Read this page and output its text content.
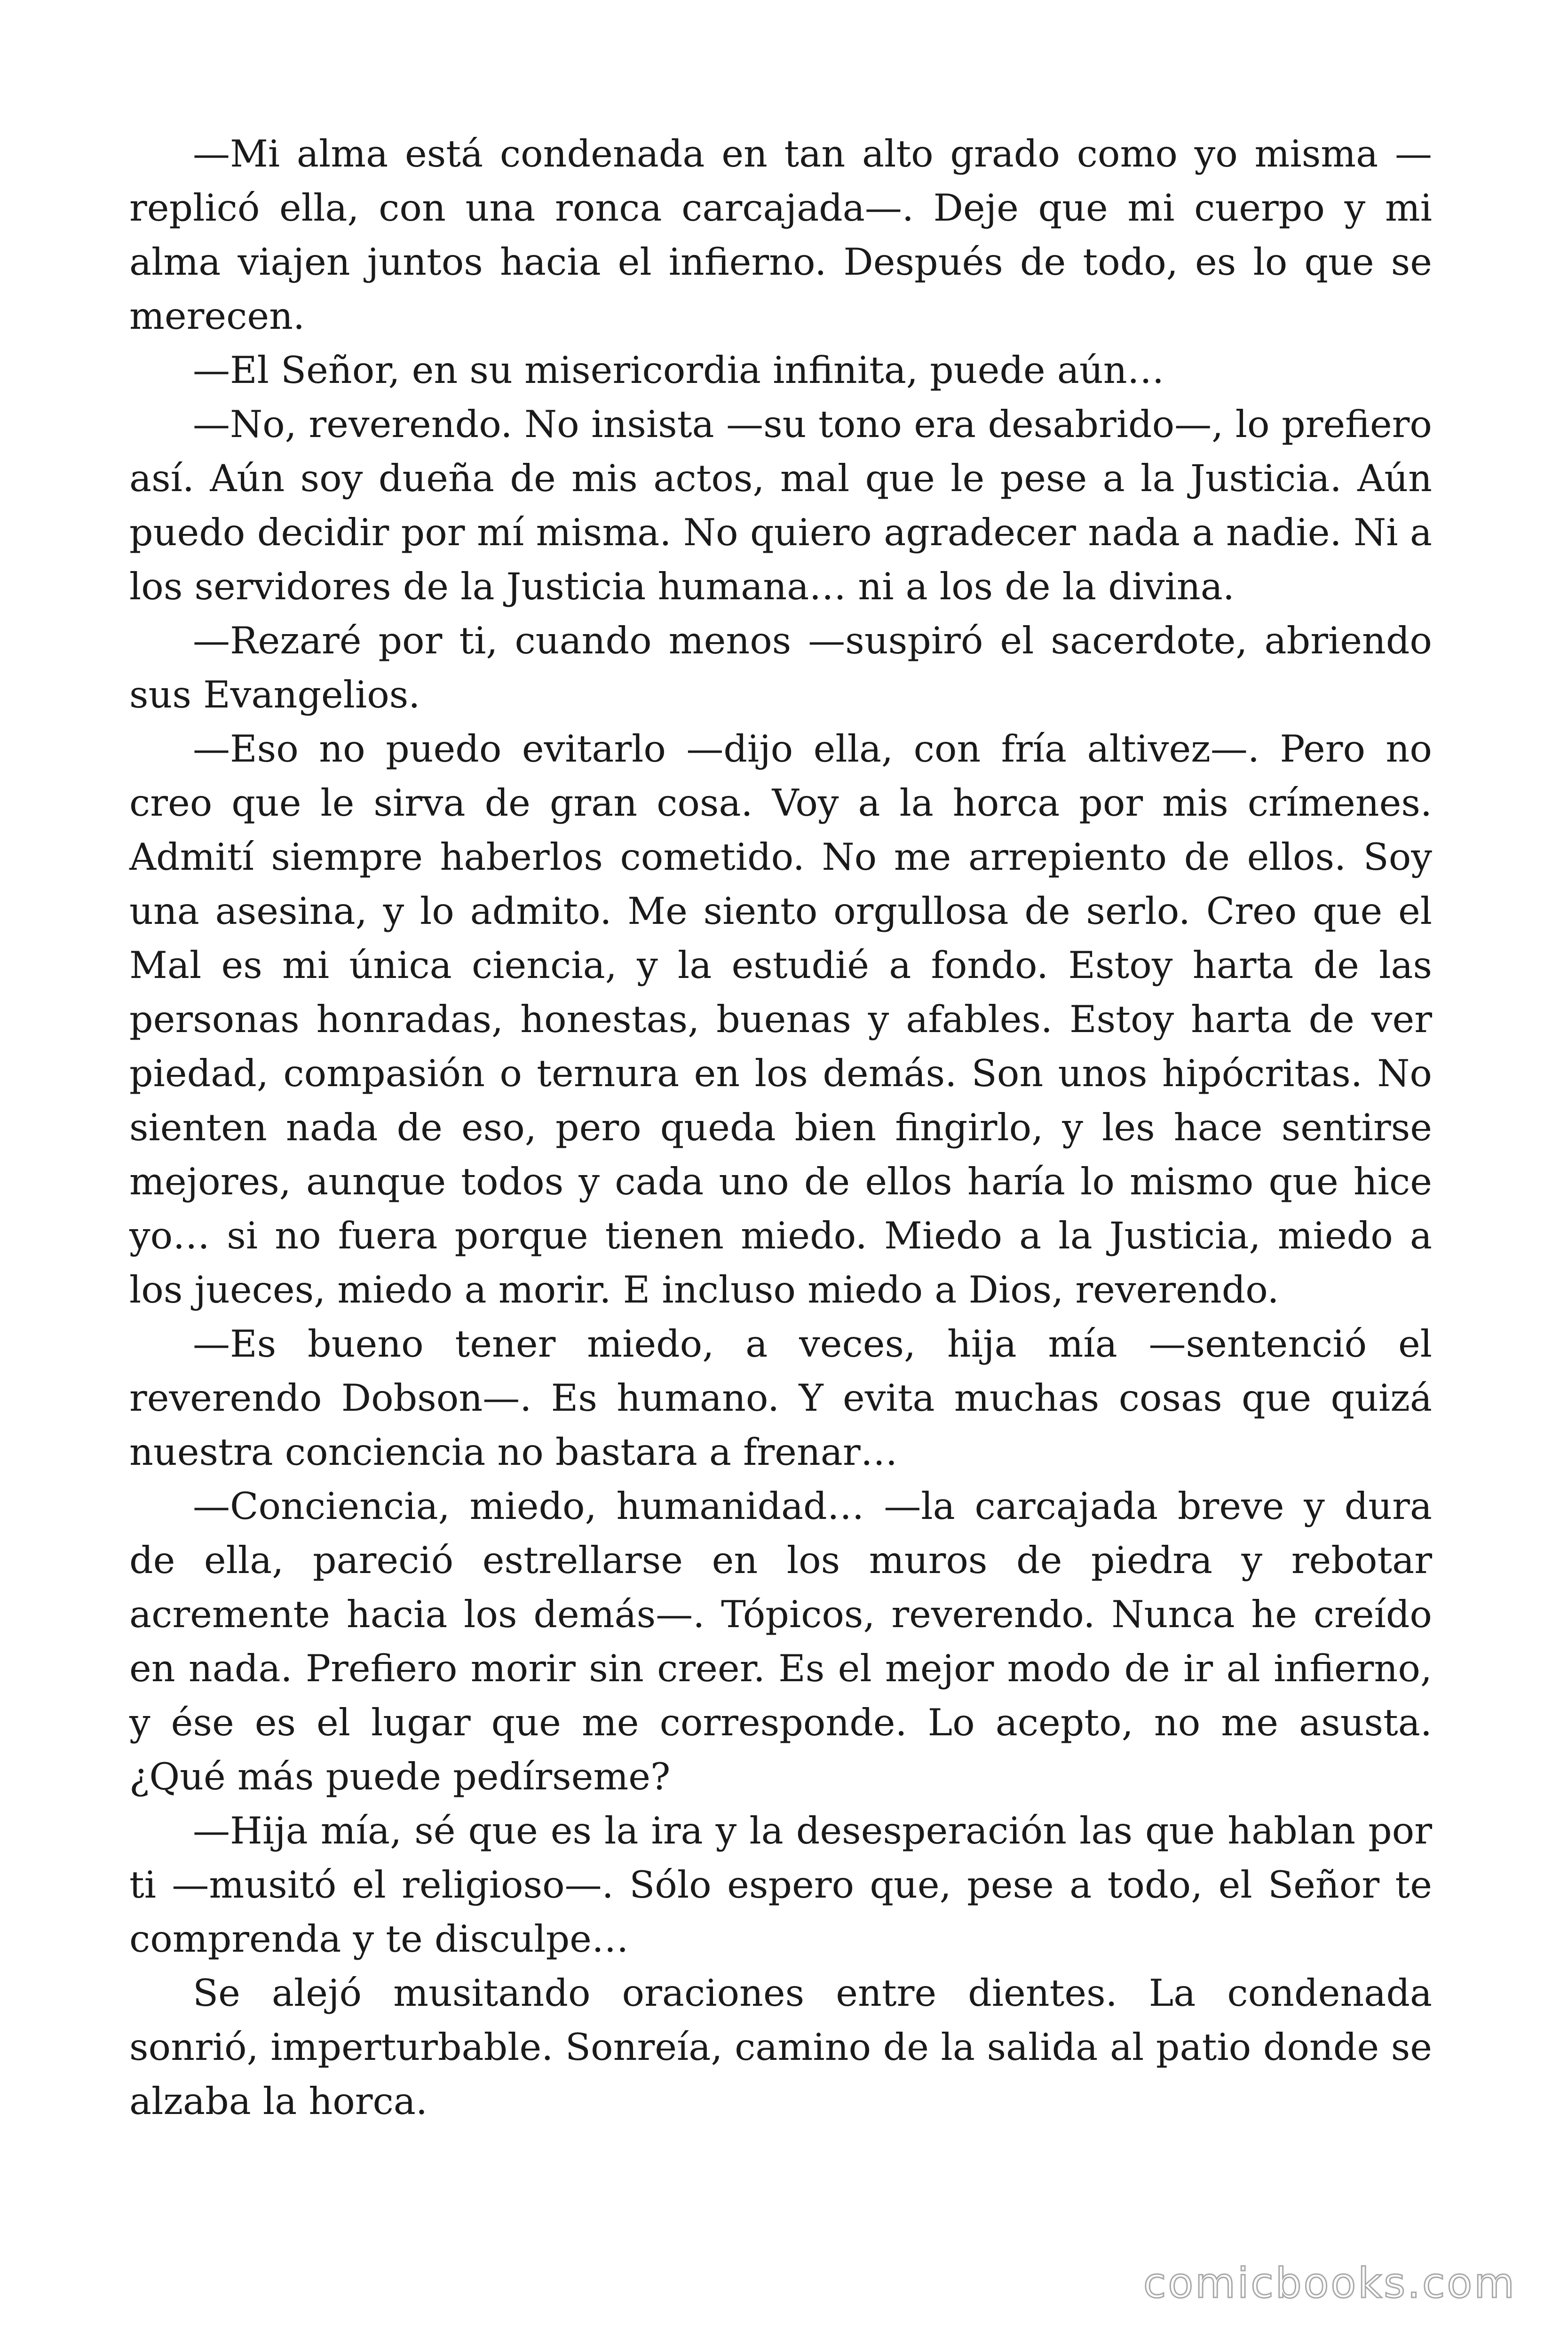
—Mi alma está condenada en tan alto grado como yo misma —replicó ella, con una ronca carcajada—. Deje que mi cuerpo y mi alma viajen juntos hacia el infierno. Después de todo, es lo que se merecen.

—El Señor, en su misericordia infinita, puede aún…

—No, reverendo. No insista —su tono era desabrido—, lo prefiero así. Aún soy dueña de mis actos, mal que le pese a la Justicia. Aún puedo decidir por mí misma. No quiero agradecer nada a nadie. Ni a los servidores de la Justicia humana… ni a los de la divina.

—Rezaré por ti, cuando menos —suspiró el sacerdote, abriendo sus Evangelios.

—Eso no puedo evitarlo —dijo ella, con fría altivez—. Pero no creo que le sirva de gran cosa. Voy a la horca por mis crímenes. Admití siempre haberlos cometido. No me arrepiento de ellos. Soy una asesina, y lo admito. Me siento orgullosa de serlo. Creo que el Mal es mi única ciencia, y la estudié a fondo. Estoy harta de las personas honradas, honestas, buenas y afables. Estoy harta de ver piedad, compasión o ternura en los demás. Son unos hipócritas. No sienten nada de eso, pero queda bien fingirlo, y les hace sentirse mejores, aunque todos y cada uno de ellos haría lo mismo que hice yo… si no fuera porque tienen miedo. Miedo a la Justicia, miedo a los jueces, miedo a morir. E incluso miedo a Dios, reverendo.

—Es bueno tener miedo, a veces, hija mía —sentenció el reverendo Dobson—. Es humano. Y evita muchas cosas que quizá nuestra conciencia no bastara a frenar…

—Conciencia, miedo, humanidad… —la carcajada breve y dura de ella, pareció estrellarse en los muros de piedra y rebotar acremente hacia los demás—. Tópicos, reverendo. Nunca he creído en nada. Prefiero morir sin creer. Es el mejor modo de ir al infierno, y ése es el lugar que me corresponde. Lo acepto, no me asusta. ¿Qué más puede pedírseme?

—Hija mía, sé que es la ira y la desesperación las que hablan por ti —musitó el religioso—. Sólo espero que, pese a todo, el Señor te comprenda y te disculpe…

Se alejó musitando oraciones entre dientes. La condenada sonrió, imperturbable. Sonreía, camino de la salida al patio donde se alzaba la horca.

comicbooks.com
